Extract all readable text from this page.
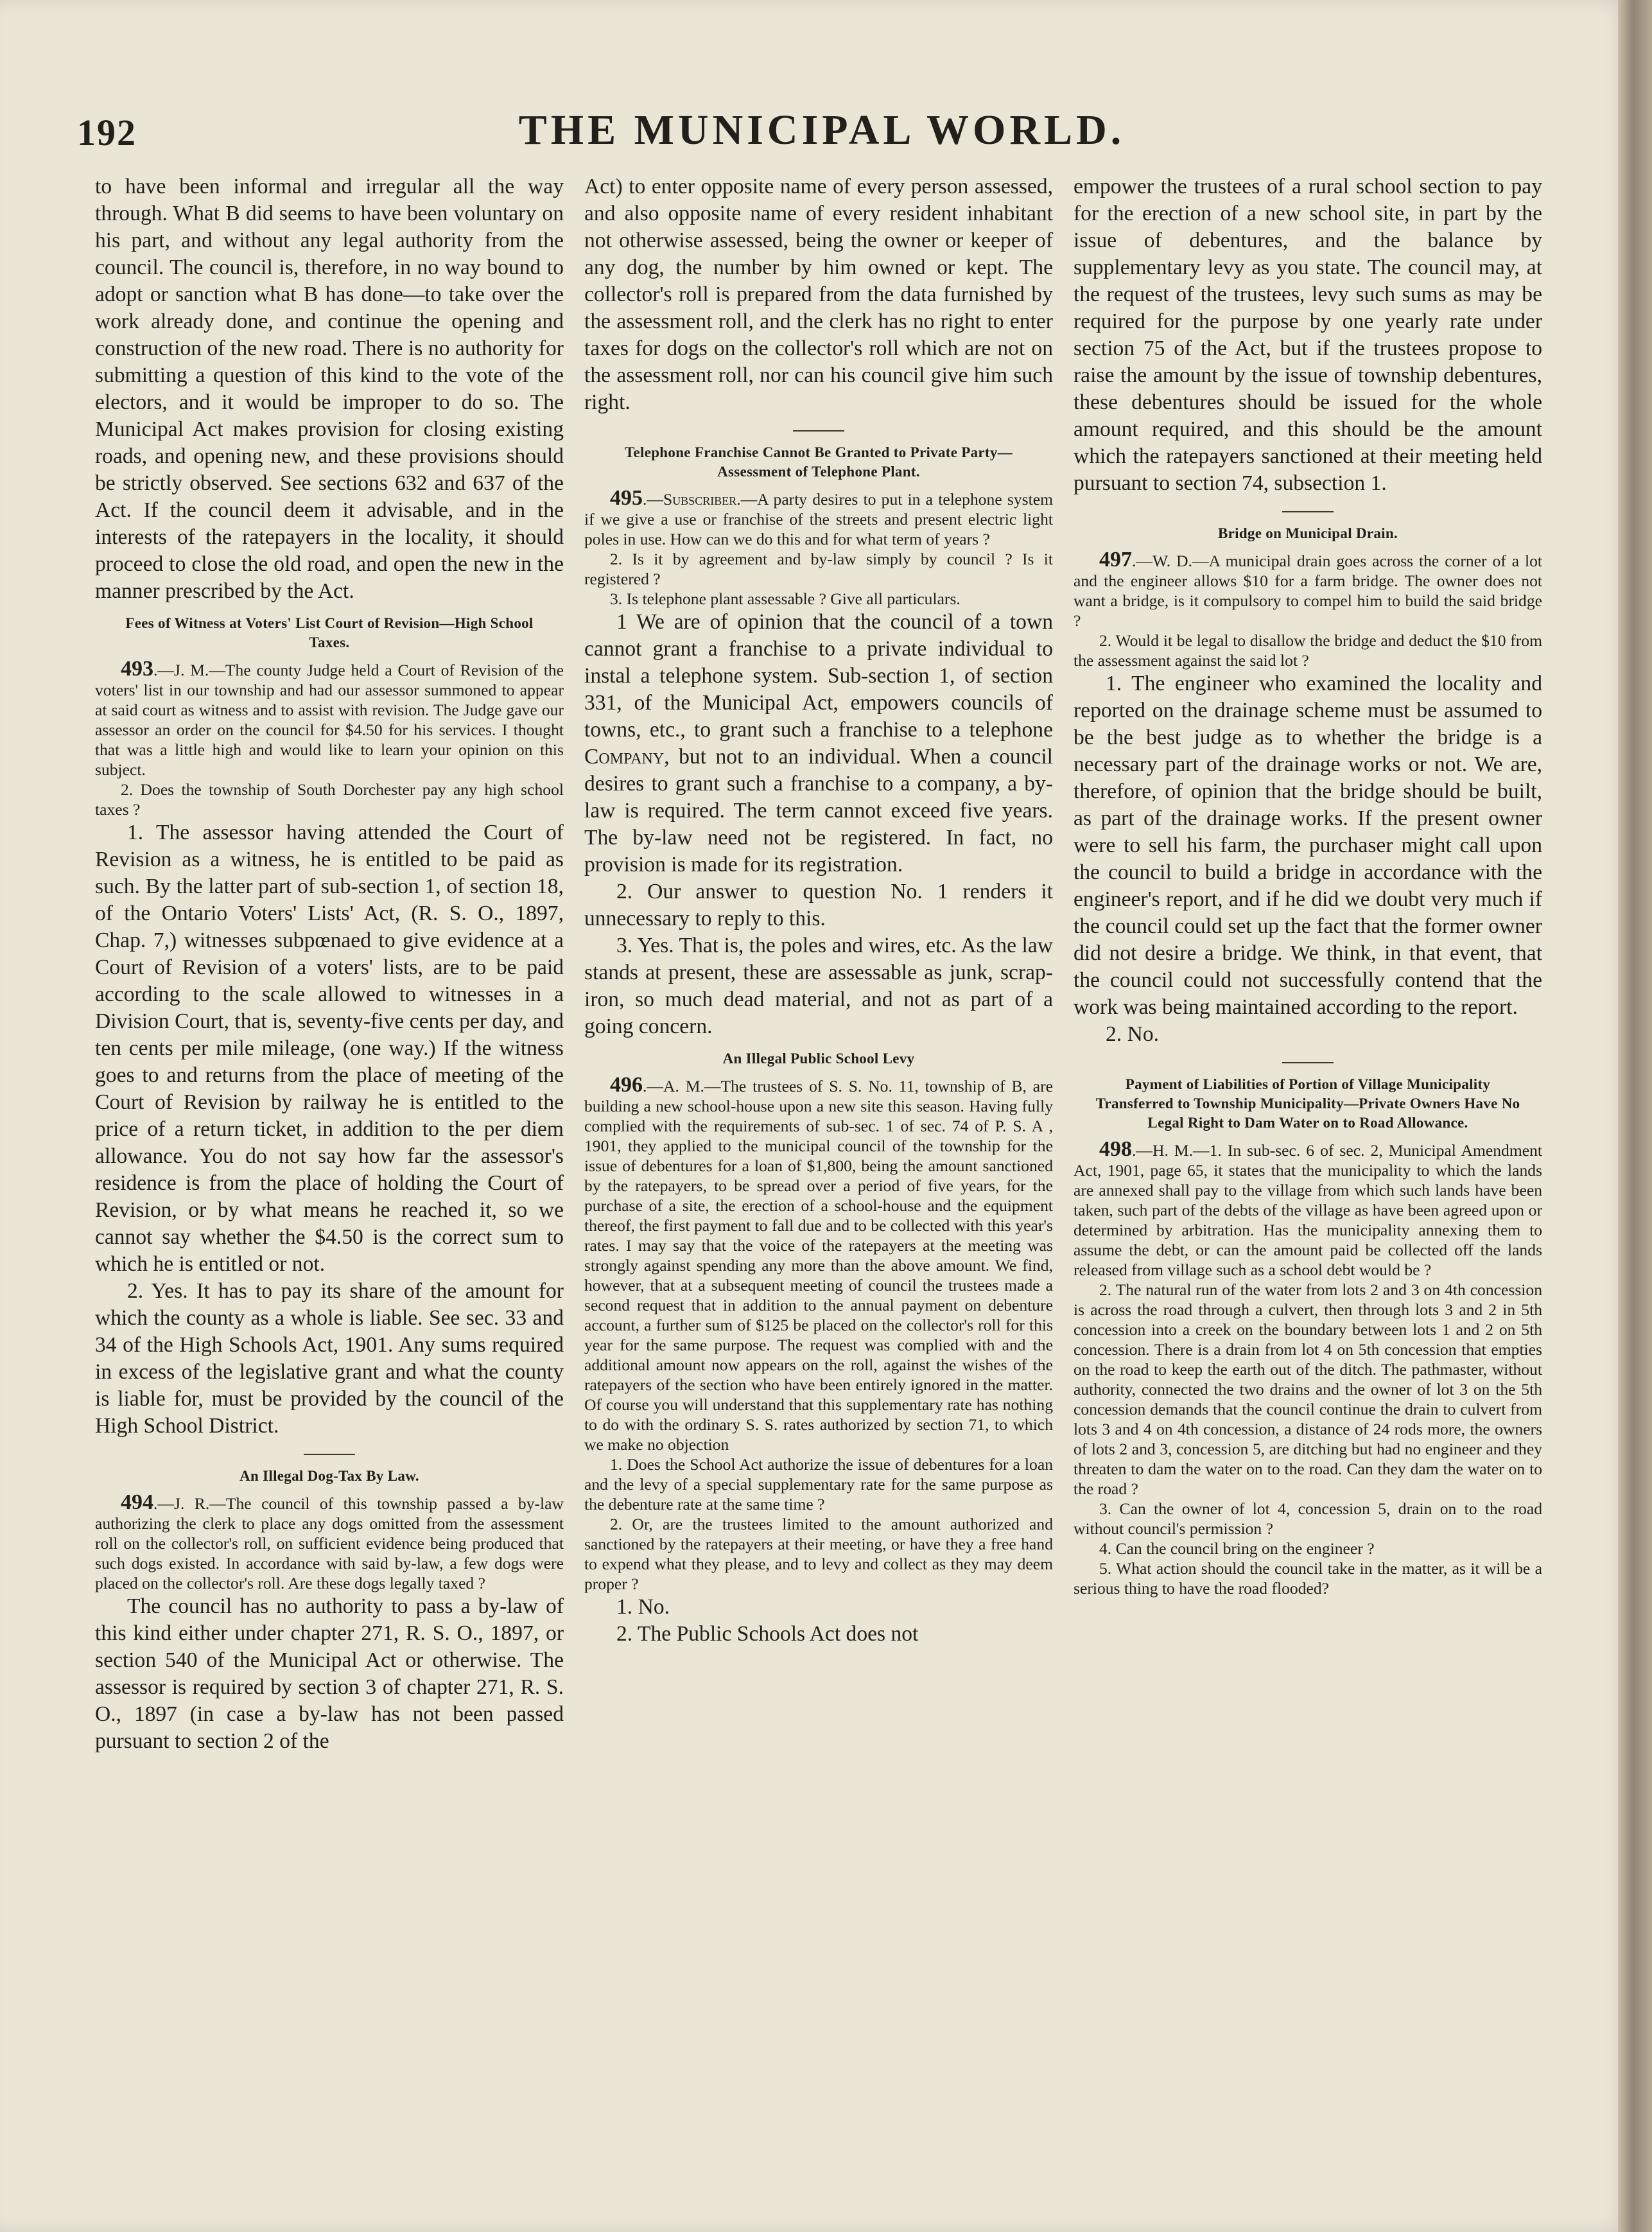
192	THE MUNICIPAL WORLD.

to have been informal and irregular all the way through. What B did seems to have been voluntary on his part, and without any legal authority from the council. The council is, therefore, in no way bound to adopt or sanction what B has done—to take over the work already done, and continue the opening and construction of the new road. There is no authority for submitting a question of this kind to the vote of the electors, and it would be improper to do so. The Municipal Act makes provision for closing existing roads, and opening new, and these provisions should be strictly observed. See sections 632 and 637 of the Act. If the council deem it advisable, and in the interests of the ratepayers in the locality, it should proceed to close the old road, and open the new in the manner prescribed by the Act.

Fees of Witness at Voters' List Court of Revision—High School Taxes.

493.—J. M.—The county Judge held a Court of Revision of the voters' list in our township and had our assessor summoned to appear at said court as witness and to assist with revision. The Judge gave our assessor an order on the council for $4.50 for his services. I thought that was a little high and would like to learn your opinion on this subject.

2. Does the township of South Dorchester pay any high school taxes ?

1. The assessor having attended the Court of Revision as a witness, he is entitled to be paid as such. By the latter part of sub-section 1, of section 18, of the Ontario Voters' Lists' Act, (R. S. O., 1897, Chap. 7,) witnesses subpœnaed to give evidence at a Court of Revision of a voters' lists, are to be paid according to the scale allowed to witnesses in a Division Court, that is, seventy-five cents per day, and ten cents per mile mileage, (one way.) If the witness goes to and returns from the place of meeting of the Court of Revision by railway he is entitled to the price of a return ticket, in addition to the per diem allowance. You do not say how far the assessor's residence is from the place of holding the Court of Revision, or by what means he reached it, so we cannot say whether the $4.50 is the correct sum to which he is entitled or not.

2. Yes. It has to pay its share of the amount for which the county as a whole is liable. See sec. 33 and 34 of the High Schools Act, 1901. Any sums required in excess of the legislative grant and what the county is liable for, must be provided by the council of the High School District.

An Illegal Dog-Tax By Law.

494.—J. R.—The council of this township passed a by-law authorizing the clerk to place any dogs omitted from the assessment roll on the collector's roll, on sufficient evidence being produced that such dogs existed. In accordance with said by-law, a few dogs were placed on the collector's roll. Are these dogs legally taxed ?

The council has no authority to pass a by-law of this kind either under chapter 271, R. S. O., 1897, or section 540 of the Municipal Act or otherwise. The assessor is required by section 3 of chapter 271, R. S. O., 1897 (in case a by-law has not been passed pursuant to section 2 of the

Act) to enter opposite name of every person assessed, and also opposite name of every resident inhabitant not otherwise assessed, being the owner or keeper of any dog, the number by him owned or kept. The collector's roll is prepared from the data furnished by the assessment roll, and the clerk has no right to enter taxes for dogs on the collector's roll which are not on the assessment roll, nor can his council give him such right.

Telephone Franchise Cannot Be Granted to Private Party—Assessment of Telephone Plant.

495.—Subscriber.—A party desires to put in a telephone system if we give a use or franchise of the streets and present electric light poles in use. How can we do this and for what term of years ?

2. Is it by agreement and by-law simply by council ? Is it registered ?

3. Is telephone plant assessable ? Give all particulars.

1 We are of opinion that the council of a town cannot grant a franchise to a private individual to instal a telephone system. Sub-section 1, of section 331, of the Municipal Act, empowers councils of towns, etc., to grant such a franchise to a telephone Company, but not to an individual. When a council desires to grant such a franchise to a company, a by-law is required. The term cannot exceed five years. The by-law need not be registered. In fact, no provision is made for its registration.

2. Our answer to question No. 1 renders it unnecessary to reply to this.

3. Yes. That is, the poles and wires, etc. As the law stands at present, these are assessable as junk, scrap-iron, so much dead material, and not as part of a going concern.

An Illegal Public School Levy

496.—A. M.—The trustees of S. S. No. 11, township of B, are building a new school-house upon a new site this season. Having fully complied with the requirements of sub-sec. 1 of sec. 74 of P. S. A , 1901, they applied to the municipal council of the township for the issue of debentures for a loan of $1,800, being the amount sanctioned by the ratepayers, to be spread over a period of five years, for the purchase of a site, the erection of a school-house and the equipment thereof, the first payment to fall due and to be collected with this year's rates. I may say that the voice of the ratepayers at the meeting was strongly against spending any more than the above amount. We find, however, that at a subsequent meeting of council the trustees made a second request that in addition to the annual payment on debenture account, a further sum of $125 be placed on the collector's roll for this year for the same purpose. The request was complied with and the additional amount now appears on the roll, against the wishes of the ratepayers of the section who have been entirely ignored in the matter. Of course you will understand that this supplementary rate has nothing to do with the ordinary S. S. rates authorized by section 71, to which we make no objection

1. Does the School Act authorize the issue of debentures for a loan and the levy of a special supplementary rate for the same purpose as the debenture rate at the same time ?

2. Or, are the trustees limited to the amount authorized and sanctioned by the ratepayers at their meeting, or have they a free hand to expend what they please, and to levy and collect as they may deem proper ?

1. No.

2. The Public Schools Act does not

empower the trustees of a rural school section to pay for the erection of a new school site, in part by the issue of debentures, and the balance by supplementary levy as you state. The council may, at the request of the trustees, levy such sums as may be required for the purpose by one yearly rate under section 75 of the Act, but if the trustees propose to raise the amount by the issue of township debentures, these debentures should be issued for the whole amount required, and this should be the amount which the ratepayers sanctioned at their meeting held pursuant to section 74, subsection 1.

Bridge on Municipal Drain.

497.—W. D.—A municipal drain goes across the corner of a lot and the engineer allows $10 for a farm bridge. The owner does not want a bridge, is it compulsory to compel him to build the said bridge ?

2. Would it be legal to disallow the bridge and deduct the $10 from the assessment against the said lot ?

1. The engineer who examined the locality and reported on the drainage scheme must be assumed to be the best judge as to whether the bridge is a necessary part of the drainage works or not. We are, therefore, of opinion that the bridge should be built, as part of the drainage works. If the present owner were to sell his farm, the purchaser might call upon the council to build a bridge in accordance with the engineer's report, and if he did we doubt very much if the council could set up the fact that the former owner did not desire a bridge. We think, in that event, that the council could not successfully contend that the work was being maintained according to the report.

2. No.

Payment of Liabilities of Portion of Village Municipality Transferred to Township Municipality—Private Owners Have No Legal Right to Dam Water on to Road Allowance.

498.—H. M.—1. In sub-sec. 6 of sec. 2, Municipal Amendment Act, 1901, page 65, it states that the municipality to which the lands are annexed shall pay to the village from which such lands have been taken, such part of the debts of the village as have been agreed upon or determined by arbitration. Has the municipality annexing them to assume the debt, or can the amount paid be collected off the lands released from village such as a school debt would be ?

2. The natural run of the water from lots 2 and 3 on 4th concession is across the road through a culvert, then through lots 3 and 2 in 5th concession into a creek on the boundary between lots 1 and 2 on 5th concession. There is a drain from lot 4 on 5th concession that empties on the road to keep the earth out of the ditch. The pathmaster, without authority, connected the two drains and the owner of lot 3 on the 5th concession demands that the council continue the drain to culvert from lots 3 and 4 on 4th concession, a distance of 24 rods more, the owners of lots 2 and 3, concession 5, are ditching but had no engineer and they threaten to dam the water on to the road. Can they dam the water on to the road ?

3. Can the owner of lot 4, concession 5, drain on to the road without council's permission ?

4. Can the council bring on the engineer ?

5. What action should the council take in the matter, as it will be a serious thing to have the road flooded?
